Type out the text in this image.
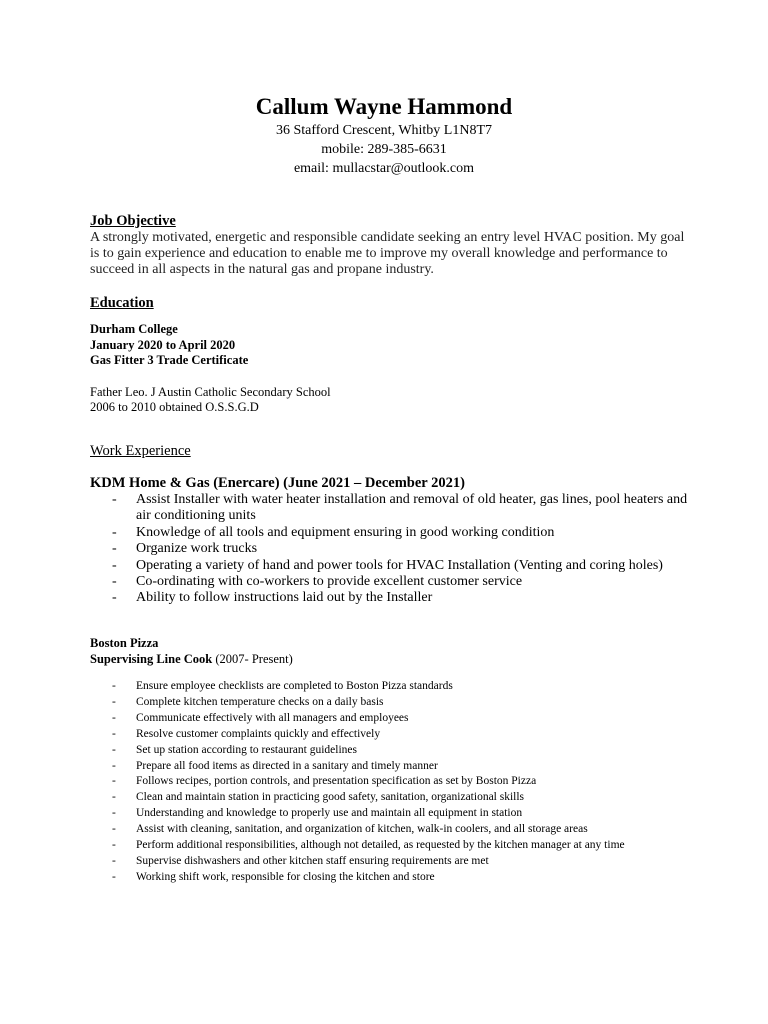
Callum Wayne Hammond
36 Stafford Crescent, Whitby L1N8T7
mobile: 289-385-6631
email: mullacstar@outlook.com
Job Objective
A strongly motivated, energetic and responsible candidate seeking an entry level HVAC position. My goal is to gain experience and education to enable me to improve my overall knowledge and performance to succeed in all aspects in the natural gas and propane industry.
Education
Durham College
January 2020 to April 2020
Gas Fitter 3 Trade Certificate
Father Leo. J Austin Catholic Secondary School
2006 to 2010 obtained O.S.S.G.D
Work Experience
KDM Home & Gas (Enercare) (June 2021 – December 2021)
- Assist Installer with water heater installation and removal of old heater, gas lines, pool heaters and air conditioning units
- Knowledge of all tools and equipment ensuring in good working condition
- Organize work trucks
- Operating a variety of hand and power tools for HVAC Installation (Venting and coring holes)
- Co-ordinating with co-workers to provide excellent customer service
- Ability to follow instructions laid out by the Installer
Boston Pizza
Supervising Line Cook (2007- Present)
- Ensure employee checklists are completed to Boston Pizza standards
- Complete kitchen temperature checks on a daily basis
- Communicate effectively with all managers and employees
- Resolve customer complaints quickly and effectively
- Set up station according to restaurant guidelines
- Prepare all food items as directed in a sanitary and timely manner
- Follows recipes, portion controls, and presentation specification as set by Boston Pizza
- Clean and maintain station in practicing good safety, sanitation, organizational skills
- Understanding and knowledge to properly use and maintain all equipment in station
- Assist with cleaning, sanitation, and organization of kitchen, walk-in coolers, and all storage areas
- Perform additional responsibilities, although not detailed, as requested by the kitchen manager at any time
- Supervise dishwashers and other kitchen staff ensuring requirements are met
- Working shift work, responsible for closing the kitchen and store
